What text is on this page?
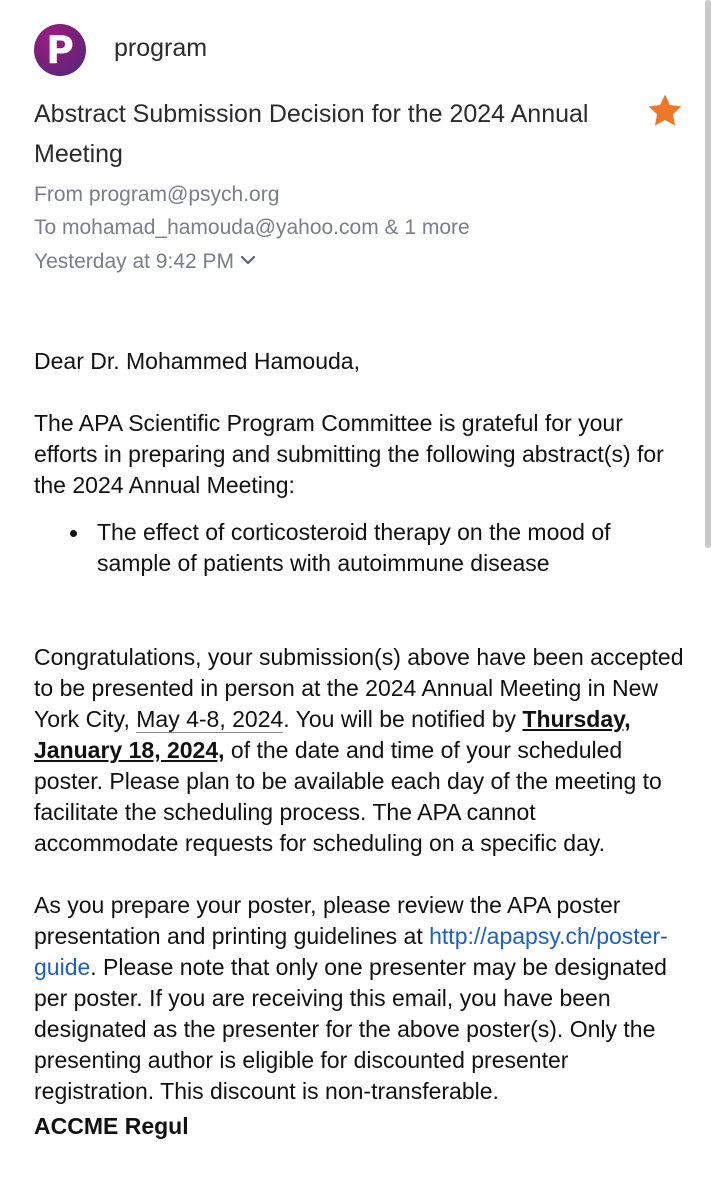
P	program
Abstract Submission Decision for the 2024 Annual Meeting
From program@psych.org
To mohamad_hamouda@yahoo.com & 1 more
Yesterday at 9:42 PM

Dear Dr. Mohammed Hamouda,

The APA Scientific Program Committee is grateful for your efforts in preparing and submitting the following abstract(s) for the 2024 Annual Meeting:

The effect of corticosteroid therapy on the mood of sample of patients with autoimmune disease

Congratulations, your submission(s) above have been accepted to be presented in person at the 2024 Annual Meeting in New York City, May 4-8, 2024. You will be notified by Thursday, January 18, 2024, of the date and time of your scheduled poster. Please plan to be available each day of the meeting to facilitate the scheduling process. The APA cannot accommodate requests for scheduling on a specific day.

As you prepare your poster, please review the APA poster presentation and printing guidelines at http://apapsy.ch/poster-guide. Please note that only one presenter may be designated per poster. If you are receiving this email, you have been designated as the presenter for the above poster(s). Only the presenting author is eligible for discounted presenter registration. This discount is non-transferable.

ACCME Regul
